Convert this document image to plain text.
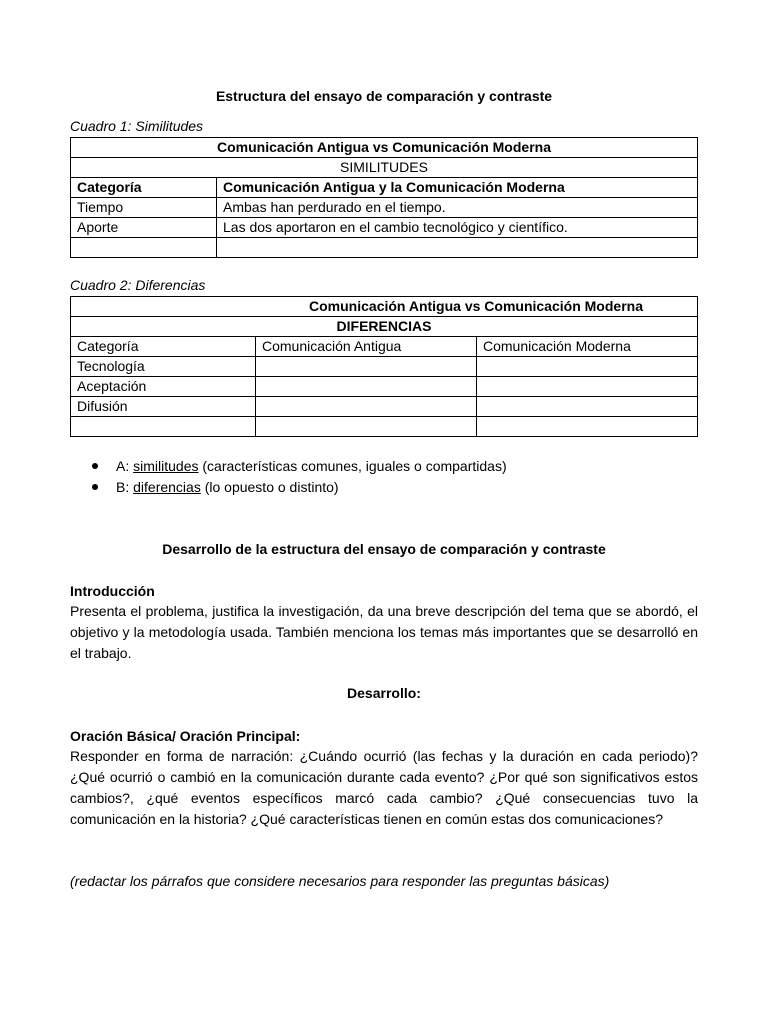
Estructura del ensayo de comparación y contraste
Cuadro 1: Similitudes
Comunicación Antigua vs Comunicación Moderna	
SIMILITUDES	
Categoría	Comunicación Antigua y la Comunicación Moderna
Tiempo	Ambas han perdurado en el tiempo.
Aporte	Las dos aportaron en el cambio tecnológico y científico.

Cuadro 2: Diferencias
Comunicación Antigua vs Comunicación Moderna		
DIFERENCIAS		
Categoría	Comunicación Antigua	Comunicación Moderna
Tecnología		
Aceptación		
Difusión		

A: similitudes (características comunes, iguales o compartidas)
B: diferencias (lo opuesto o distinto)
Desarrollo de la estructura del ensayo de comparación y contraste
Introducción
Presenta el problema, justifica la investigación, da una breve descripción del tema que se abordó, el objetivo y la metodología usada. También menciona los temas más importantes que se desarrolló en el trabajo.
Desarrollo:
Oración Básica/ Oración Principal:
Responder en forma de narración: ¿Cuándo ocurrió (las fechas y la duración en cada periodo)? ¿Qué ocurrió o cambió en la comunicación durante cada evento? ¿Por qué son significativos estos cambios?, ¿qué eventos específicos marcó cada cambio? ¿Qué consecuencias tuvo la comunicación en la historia? ¿Qué características tienen en común estas dos comunicaciones?
(redactar los párrafos que considere necesarios para responder las preguntas básicas)
